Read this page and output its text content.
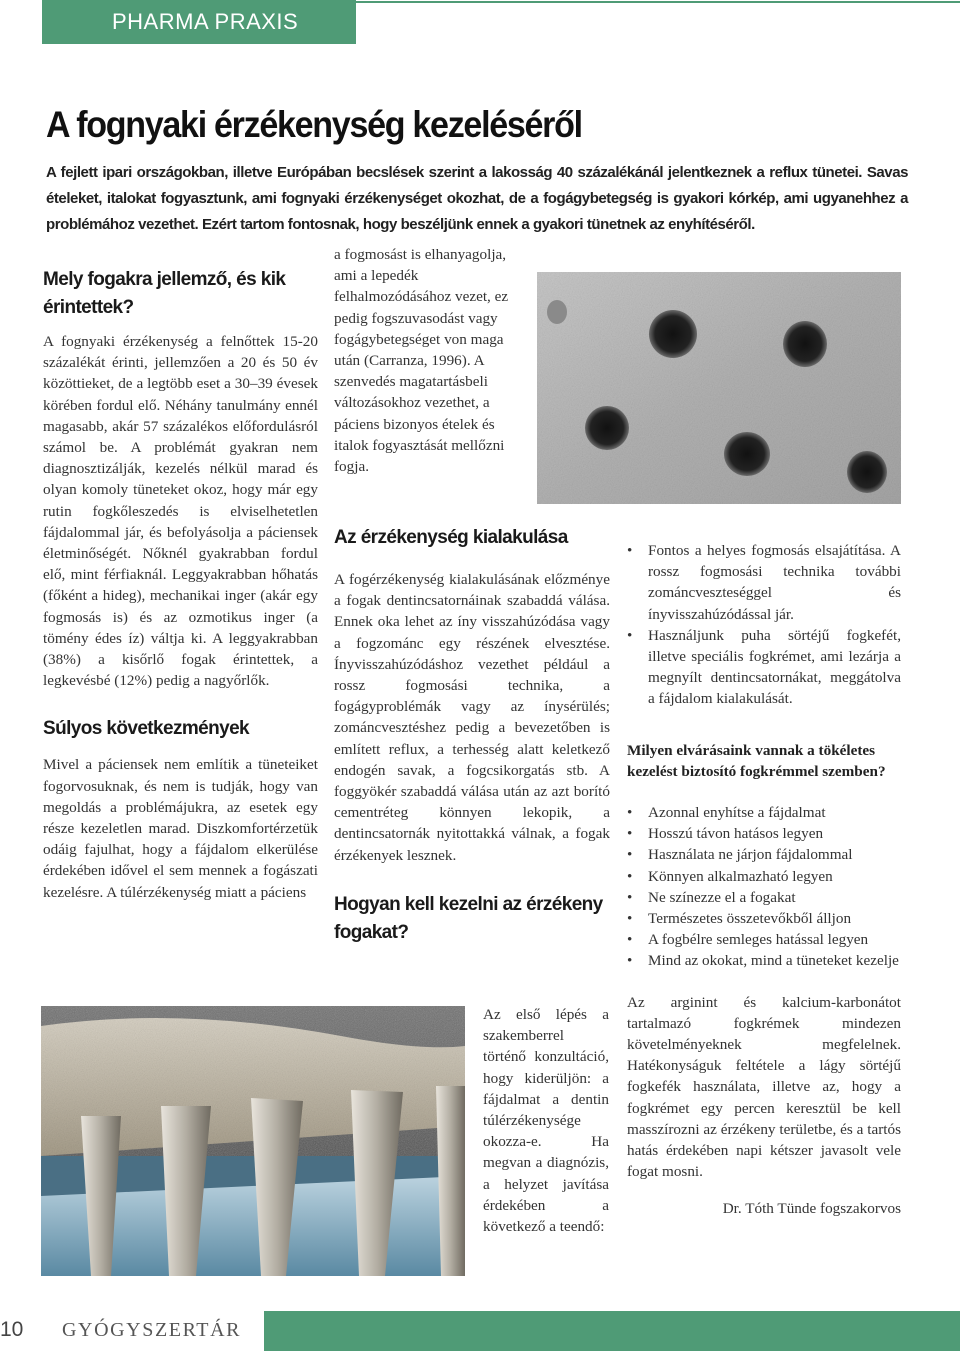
PHARMA PRAXIS
A fognyaki érzékenység kezeléséről

A fejlett ipari országokban, illetve Európában becslések szerint a lakosság 40 százalékánál jelentkeznek a reflux tünetei. Savas ételeket, italokat fogyasztunk, ami fognyaki érzékenységet okozhat, de a fogágybetegség is gyakori kórkép, ami ugyanehhez a problémához vezethet. Ezért tartom fontosnak, hogy beszéljünk ennek a gyakori tünetnek az enyhítéséről.

Mely fogakra jellemző, és kik érintettek?

A fognyaki érzékenység a felnőttek 15-20 százalékát érinti, jellemzően a 20 és 50 év közöttieket, de a legtöbb eset a 30–39 évesek körében fordul elő. Néhány tanulmány ennél magasabb, akár 57 százalékos előfordulásról számol be. A problémát gyakran nem diagnosztizálják, kezelés nélkül marad és olyan komoly tüneteket okoz, hogy már egy rutin fogkőleszedés is elviselhetetlen fájdalommal jár, és befolyásolja a páciensek életminőségét. Nőknél gyakrabban fordul elő, mint férfiaknál. Leggyakrabban hőhatás (főként a hideg), mechanikai inger (akár egy fogmosás is) és az ozmotikus inger (a tömény édes íz) váltja ki. A leggyakrabban (38%) a kisőrlő fogak érintettek, a legkevésbé (12%) pedig a nagyőrlők.

Súlyos következmények

Mivel a páciensek nem említik a tüneteiket fogorvosuknak, és nem is tudják, hogy van megoldás a problémájukra, az esetek egy része kezeletlen marad. Diszkomfortérzetük odáig fajulhat, hogy a fájdalom elkerülése érdekében idővel el sem mennek a fogászati kezelésre. A túlérzékenység miatt a páciens

a fogmosást is elhanyagolja, ami a lepedék felhalmozódásához vezet, ez pedig fogszuvasodást vagy fogágybetegséget von maga után (Carranza, 1996). A szenvedés magatartásbeli változásokhoz vezethet, a páciens bizonyos ételek és italok fogyasztását mellőzni fogja.

Az érzékenység kialakulása

A fogérzékenység kialakulásának előzménye a fogak dentincsatornáinak szabaddá válása. Ennek oka lehet az íny visszahúzódása vagy a fogzománc egy részének elvesztése. Ínyvisszahúzódáshoz vezethet például a rossz fogmosási technika, a fogágyproblémák vagy az ínysérülés; zománcvesztéshez pedig a bevezetőben is említett reflux, a terhesség alatt keletkező endogén savak, a fogcsikorgatás stb. A foggyökér szabaddá válása után az azt borító cementréteg könnyen lekopik, a dentincsatornák nyitottakká válnak, a fogak érzékenyek lesznek.

Hogyan kell kezelni az érzékeny fogakat?

Az első lépés a szakemberrel történő konzultáció, hogy kiderüljön: a fájdalmat a dentin túlérzékenysége okozza-e. Ha megvan a diagnózis, a helyzet javítása érdekében a következő a teendő:

• Fontos a helyes fogmosás elsajátítása. A rossz fogmosási technika további zománcveszteséggel és ínyvisszahúzódással jár.
• Használjunk puha sörtéjű fogkefét, illetve speciális fogkrémet, ami lezárja a megnyílt dentincsatornákat, meggátolva a fájdalom kialakulását.
Milyen elvárásaink vannak a tökéletes kezelést biztosító fogkrémmel szemben?
• Azonnal enyhítse a fájdalmat
• Hosszú távon hatásos legyen
• Használata ne járjon fájdalommal
• Könnyen alkalmazható legyen
• Ne színezze el a fogakat
• Természetes összetevőkből álljon
• A fogbélre semleges hatással legyen
• Mind az okokat, mind a tüneteket kezelje

Az arginint és kalcium-karbonátot tartalmazó fogkrémek mindezen követelményeknek megfelelnek. Hatékonyságuk feltétele a lágy sörtéjű fogkefék használata, illetve az, hogy a fogkrémet egy percen keresztül be kell masszírozni az érzékeny területbe, és a tartós hatás érdekében napi kétszer javasolt vele fogat mosni.

Dr. Tóth Tünde fogszakorvos
10 GYÓGYSZERTÁR
